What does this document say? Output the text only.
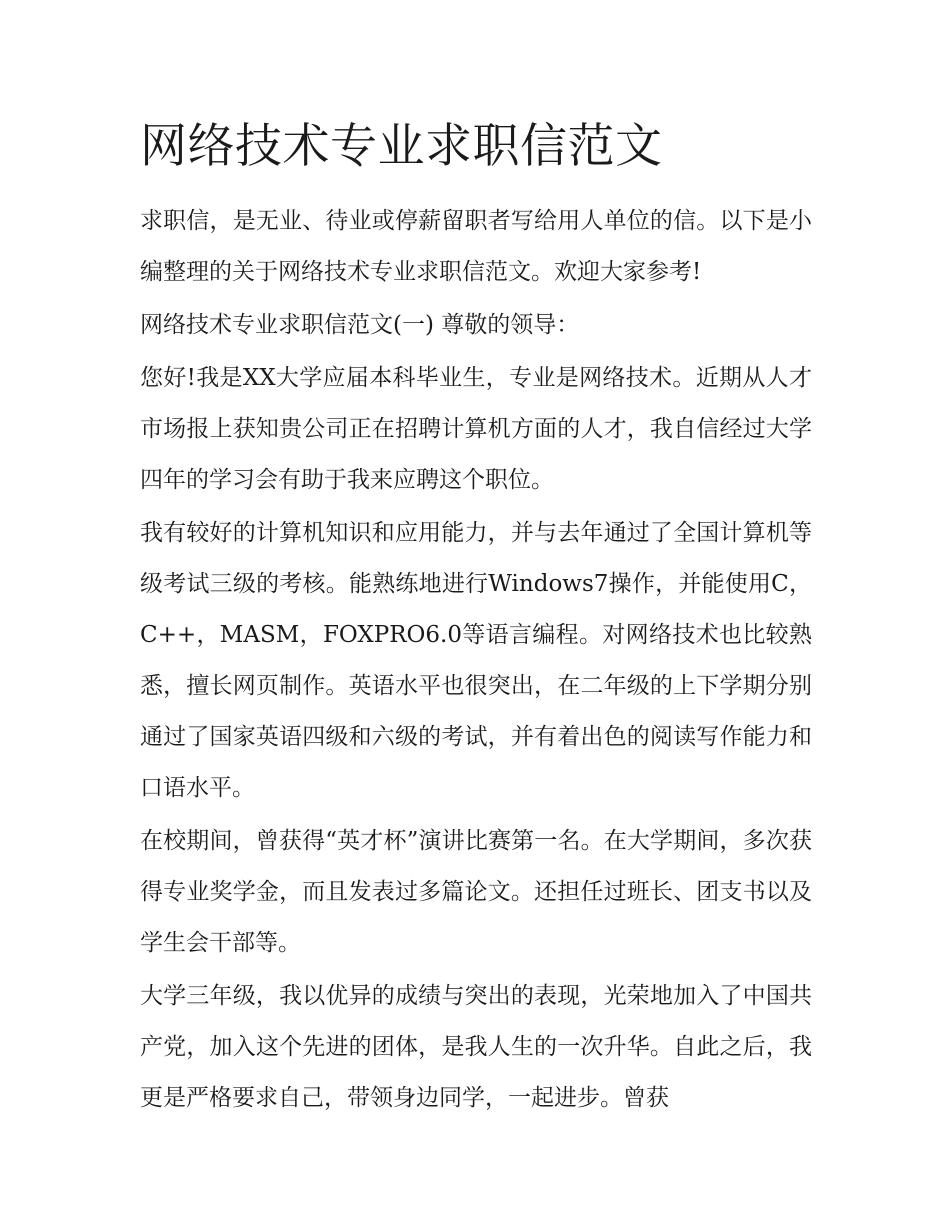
网络技术专业求职信范文

求职信，是无业、待业或停薪留职者写给用人单位的信。以下是小编整理的关于网络技术专业求职信范文。欢迎大家参考!

网络技术专业求职信范文(一) 尊敬的领导：

您好!我是XX大学应届本科毕业生，专业是网络技术。近期从人才市场报上获知贵公司正在招聘计算机方面的人才，我自信经过大学四年的学习会有助于我来应聘这个职位。

我有较好的计算机知识和应用能力，并与去年通过了全国计算机等级考试三级的考核。能熟练地进行Windows7操作，并能使用C，C++，MASM，FOXPRO6.0等语言编程。对网络技术也比较熟悉，擅长网页制作。英语水平也很突出，在二年级的上下学期分别通过了国家英语四级和六级的考试，并有着出色的阅读写作能力和口语水平。

在校期间，曾获得“英才杯”演讲比赛第一名。在大学期间，多次获得专业奖学金，而且发表过多篇论文。还担任过班长、团支书以及学生会干部等。

大学三年级，我以优异的成绩与突出的表现，光荣地加入了中国共产党，加入这个先进的团体，是我人生的一次升华。自此之后，我更是严格要求自己，带领身边同学，一起进步。曾获
